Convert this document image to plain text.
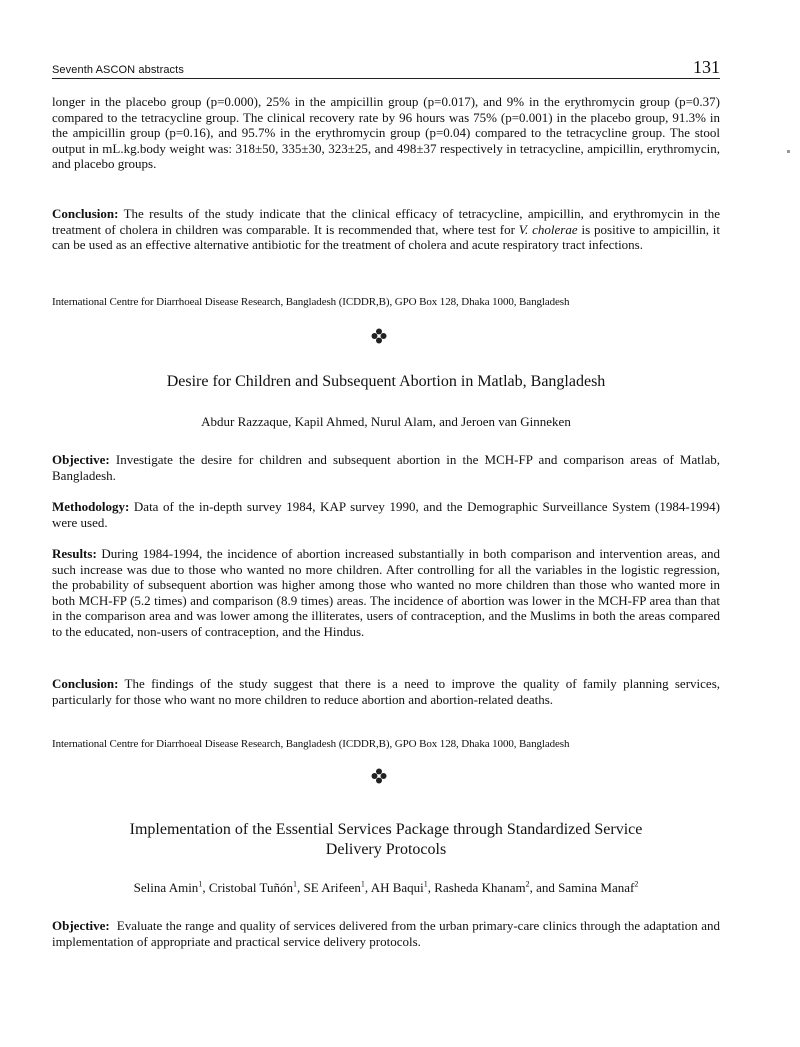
Seventh ASCON abstracts	131

longer in the placebo group (p=0.000), 25% in the ampicillin group (p=0.017), and 9% in the erythromycin group (p=0.37) compared to the tetracycline group. The clinical recovery rate by 96 hours was 75% (p=0.001) in the placebo group, 91.3% in the ampicillin group (p=0.16), and 95.7% in the erythromycin group (p=0.04) compared to the tetracycline group. The stool output in mL.kg.body weight was: 318±50, 335±30, 323±25, and 498±37 respectively in tetracycline, ampicillin, erythromycin, and placebo groups.

Conclusion: The results of the study indicate that the clinical efficacy of tetracycline, ampicillin, and erythromycin in the treatment of cholera in children was comparable. It is recommended that, where test for V. cholerae is positive to ampicillin, it can be used as an effective alternative antibiotic for the treatment of cholera and acute respiratory tract infections.

International Centre for Diarrhoeal Disease Research, Bangladesh (ICDDR,B), GPO Box 128, Dhaka 1000, Bangladesh
Desire for Children and Subsequent Abortion in Matlab, Bangladesh
Abdur Razzaque, Kapil Ahmed, Nurul Alam, and Jeroen van Ginneken

Objective: Investigate the desire for children and subsequent abortion in the MCH-FP and comparison areas of Matlab, Bangladesh.

Methodology: Data of the in-depth survey 1984, KAP survey 1990, and the Demographic Surveillance System (1984-1994) were used.

Results: During 1984-1994, the incidence of abortion increased substantially in both comparison and intervention areas, and such increase was due to those who wanted no more children. After controlling for all the variables in the logistic regression, the probability of subsequent abortion was higher among those who wanted no more children than those who wanted more in both MCH-FP (5.2 times) and comparison (8.9 times) areas. The incidence of abortion was lower in the MCH-FP area than that in the comparison area and was lower among the illiterates, users of contraception, and the Muslims in both the areas compared to the educated, non-users of contraception, and the Hindus.

Conclusion: The findings of the study suggest that there is a need to improve the quality of family planning services, particularly for those who want no more children to reduce abortion and abortion-related deaths.

International Centre for Diarrhoeal Disease Research, Bangladesh (ICDDR,B), GPO Box 128, Dhaka 1000, Bangladesh
Implementation of the Essential Services Package through Standardized Service
Delivery Protocols
Selina Amin$^1$, Cristobal Tuñón$^1$, SE Arifeen$^1$, AH Baqui$^1$, Rasheda Khanam$^2$, and Samina Manaf$^2$

Objective: Evaluate the range and quality of services delivered from the urban primary-care clinics through the adaptation and implementation of appropriate and practical service delivery protocols.
